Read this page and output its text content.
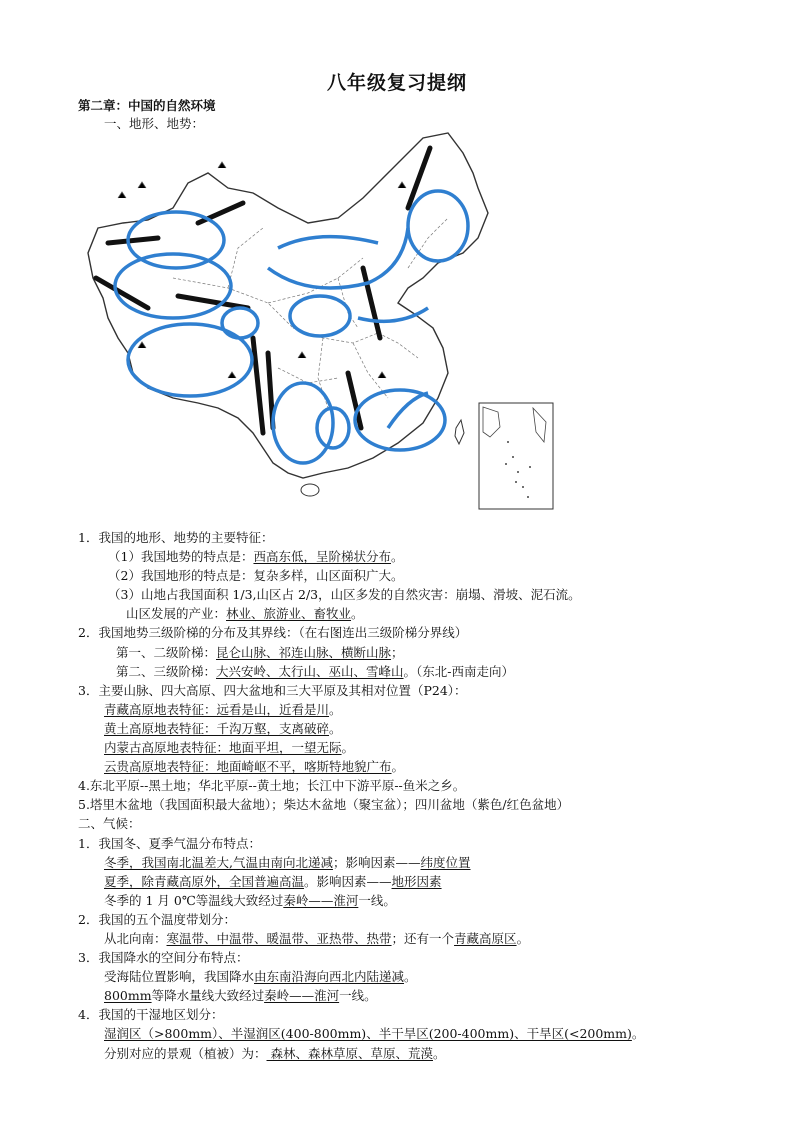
八年级复习提纲
第二章：中国的自然环境
一、地形、地势：
1．我国的地形、地势的主要特征：
（1）我国地势的特点是：西高东低，呈阶梯状分布。
（2）我国地形的特点是：复杂多样，山区面积广大。
（3）山地占我国面积 1/3,山区占 2/3，山区多发的自然灾害：崩塌、滑坡、泥石流。
山区发展的产业：林业、旅游业、畜牧业。
2．我国地势三级阶梯的分布及其界线：（在右图连出三级阶梯分界线）
第一、二级阶梯：昆仑山脉、祁连山脉、横断山脉；
第二、三级阶梯：大兴安岭、太行山、巫山、雪峰山。（东北-西南走向）
3．主要山脉、四大高原、四大盆地和三大平原及其相对位置（P24）：
青藏高原地表特征：远看是山，近看是川。
黄土高原地表特征：千沟万壑，支离破碎。
内蒙古高原地表特征：地面平坦，一望无际。
云贵高原地表特征：地面崎岖不平，喀斯特地貌广布。
4.东北平原--黑土地；华北平原--黄土地；长江中下游平原--鱼米之乡。
5.塔里木盆地（我国面积最大盆地）；柴达木盆地（聚宝盆）；四川盆地（紫色/红色盆地）
二、气候：
1．我国冬、夏季气温分布特点：
冬季，我国南北温差大,气温由南向北递减；影响因素——纬度位置
夏季，除青藏高原外，全国普遍高温。影响因素——地形因素
冬季的 1 月 0℃等温线大致经过秦岭——淮河一线。
2．我国的五个温度带划分：
从北向南：寒温带、中温带、暖温带、亚热带、热带；还有一个青藏高原区。
3．我国降水的空间分布特点：
受海陆位置影响，我国降水由东南沿海向西北内陆递减。
800mm等降水量线大致经过秦岭——淮河一线。
4．我国的干湿地区划分：
湿润区（>800mm）、半湿润区(400-800mm)、半干旱区(200-400mm)、干旱区(<200mm)。
分别对应的景观（植被）为： 森林、森林草原、草原、荒漠。
